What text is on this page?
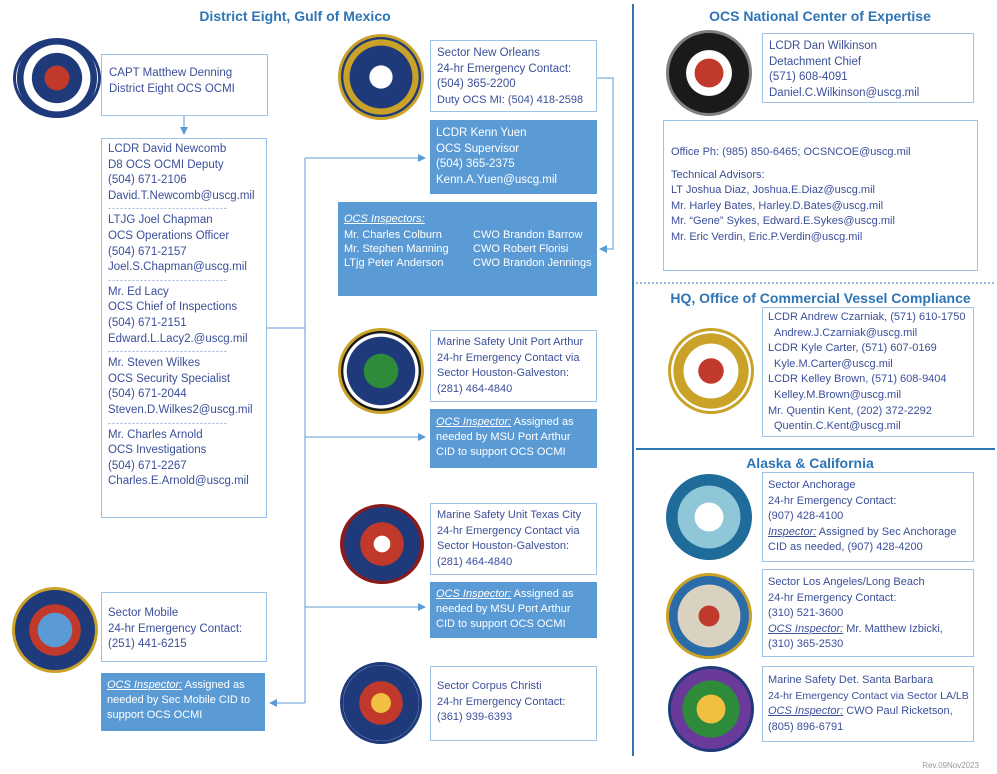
District Eight, Gulf of Mexico	OCS National Center of Expertise
HQ, Office of Commercial Vessel Compliance
Alaska & California
CAPT Matthew Denning
District Eight OCS OCMI
LCDR David Newcomb
D8 OCS OCMI Deputy
(504) 671-2106
David.T.Newcomb@uscg.mil
------------------------------
LTJG Joel Chapman
OCS Operations Officer
(504) 671-2157
Joel.S.Chapman@uscg.mil
------------------------------
Mr. Ed Lacy
OCS Chief of Inspections
(504) 671-2151
Edward.L.Lacy2.@uscg.mil
------------------------------
Mr. Steven Wilkes
OCS Security Specialist
(504) 671-2044
Steven.D.Wilkes2@uscg.mil
------------------------------
Mr. Charles Arnold
OCS Investigations
(504) 671-2267
Charles.E.Arnold@uscg.mil
Sector Mobile
24-hr Emergency Contact:
(251) 441-6215
OCS Inspector: Assigned as
needed by Sec Mobile CID to
support OCS OCMI
Sector New Orleans
24-hr Emergency Contact:
(504) 365-2200
Duty OCS MI: (504) 418-2598
LCDR Kenn Yuen
OCS Supervisor
(504) 365-2375
Kenn.A.Yuen@uscg.mil
OCS Inspectors:
Mr. Charles Colburn
Mr. Stephen Manning
LTjg Peter Anderson
CWO Brandon Barrow
CWO Robert Florisi
CWO Brandon Jennings
Marine Safety Unit Port Arthur
24-hr Emergency Contact via
Sector Houston-Galveston:
(281) 464-4840
OCS Inspector: Assigned as
needed by MSU Port Arthur
CID to support OCS OCMI
Marine Safety Unit Texas City
24-hr Emergency Contact via
Sector Houston-Galveston:
(281) 464-4840
OCS Inspector: Assigned as
needed by MSU Port Arthur
CID to support OCS OCMI
Sector Corpus Christi
24-hr Emergency Contact:
(361) 939-6393
LCDR Dan Wilkinson
Detachment Chief
(571) 608-4091
Daniel.C.Wilkinson@uscg.mil
Office Ph: (985) 850-6465; OCSNCOE@uscg.mil
Technical Advisors:
LT Joshua Diaz, Joshua.E.Diaz@uscg.mil
Mr. Harley Bates, Harley.D.Bates@uscg.mil
Mr. “Gene” Sykes, Edward.E.Sykes@uscg.mil
Mr. Eric Verdin, Eric.P.Verdin@uscg.mil
LCDR Andrew Czarniak, (571) 610-1750
Andrew.J.Czarniak@uscg.mil
LCDR Kyle Carter, (571) 607-0169
Kyle.M.Carter@uscg.mil
LCDR Kelley Brown, (571) 608-9404
Kelley.M.Brown@uscg.mil
Mr. Quentin Kent, (202) 372-2292
Quentin.C.Kent@uscg.mil
Sector Anchorage
24-hr Emergency Contact:
(907) 428-4100
Inspector: Assigned by Sec Anchorage
CID as needed, (907) 428-4200
Sector Los Angeles/Long Beach
24-hr Emergency Contact:
(310) 521-3600
OCS Inspector: Mr. Matthew Izbicki,
(310) 365-2530
Marine Safety Det. Santa Barbara
24-hr Emergency Contact via Sector LA/LB
OCS Inspector: CWO Paul Ricketson,
(805) 896-6791
Rev.09Nov2023
